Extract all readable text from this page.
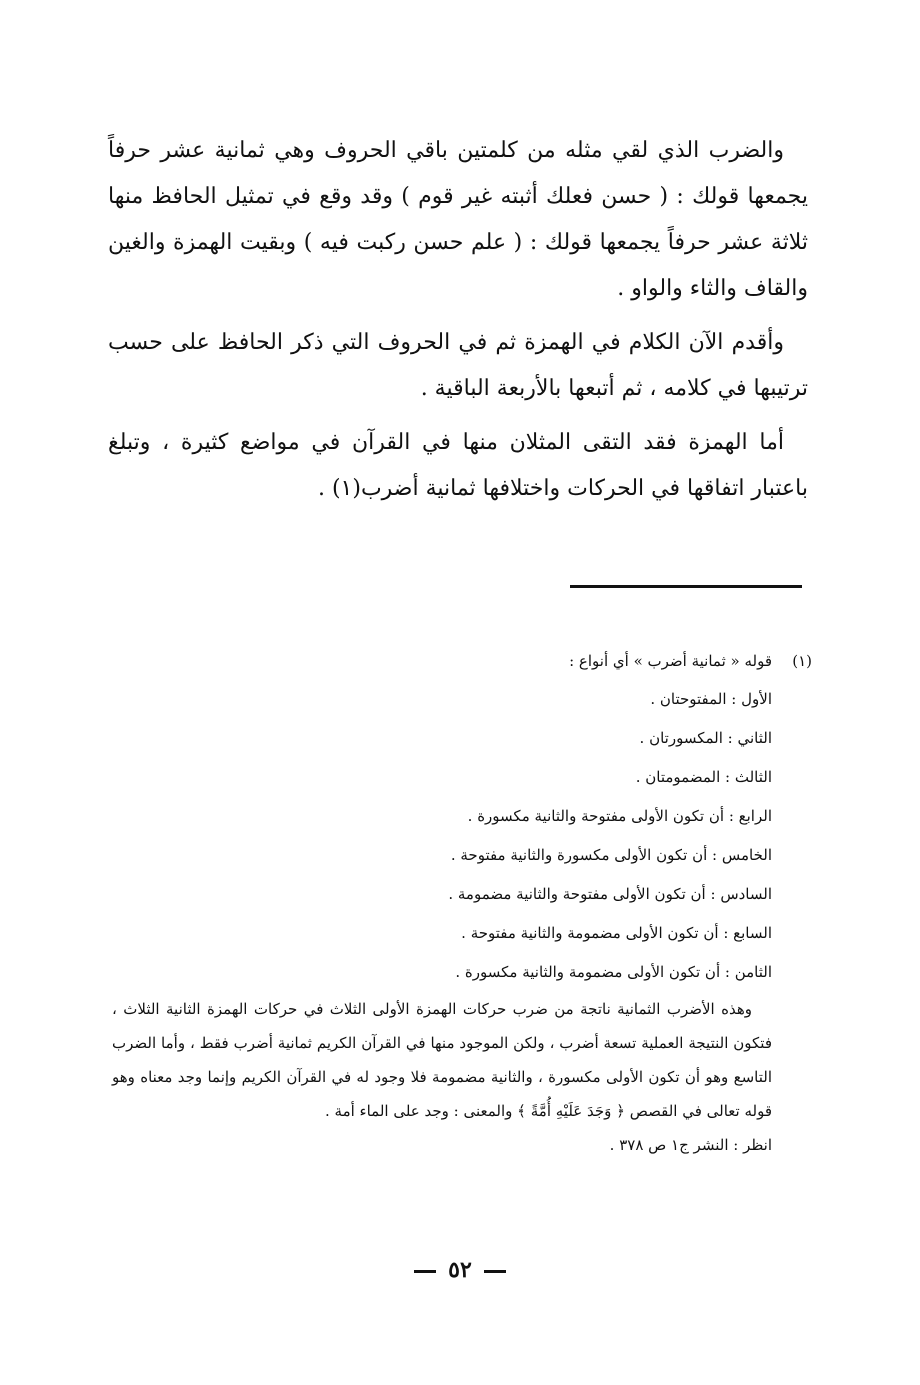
والضرب الذي لقي مثله من كلمتين باقي الحروف وهي ثمانية عشر حرفاً يجمعها قولك : ( حسن فعلك أثبته غير قوم ) وقد وقع في تمثيل الحافظ منها ثلاثة عشر حرفاً يجمعها قولك : ( علم حسن ركبت فيه ) وبقيت الهمزة والغين والقاف والثاء والواو .

وأقدم الآن الكلام في الهمزة ثم في الحروف التي ذكر الحافظ على حسب ترتيبها في كلامه ، ثم أتبعها بالأربعة الباقية .

أما الهمزة فقد التقى المثلان منها في القرآن في مواضع كثيرة ، وتبلغ باعتبار اتفاقها في الحركات واختلافها ثمانية أضرب(١) .

(١)
قوله « ثمانية أضرب » أي أنواع :
الأول : المفتوحتان .
الثاني : المكسورتان .
الثالث : المضمومتان .
الرابع : أن تكون الأولى مفتوحة والثانية مكسورة .
الخامس : أن تكون الأولى مكسورة والثانية مفتوحة .
السادس : أن تكون الأولى مفتوحة والثانية مضمومة .
السابع : أن تكون الأولى مضمومة والثانية مفتوحة .
الثامن : أن تكون الأولى مضمومة والثانية مكسورة .

وهذه الأضرب الثمانية ناتجة من ضرب حركات الهمزة الأولى الثلاث في حركات الهمزة الثانية الثلاث ، فتكون النتيجة العملية تسعة أضرب ، ولكن الموجود منها في القرآن الكريم ثمانية أضرب فقط ، وأما الضرب التاسع وهو أن تكون الأولى مكسورة ، والثانية مضمومة فلا وجود له في القرآن الكريم وإنما وجد معناه وهو قوله تعالى في القصص ﴿ وَجَدَ عَلَيْهِ أُمَّةً ﴾ والمعنى : وجد على الماء أمة .

انظر : النشر ج١ ص ٣٧٨ .

٥٢
